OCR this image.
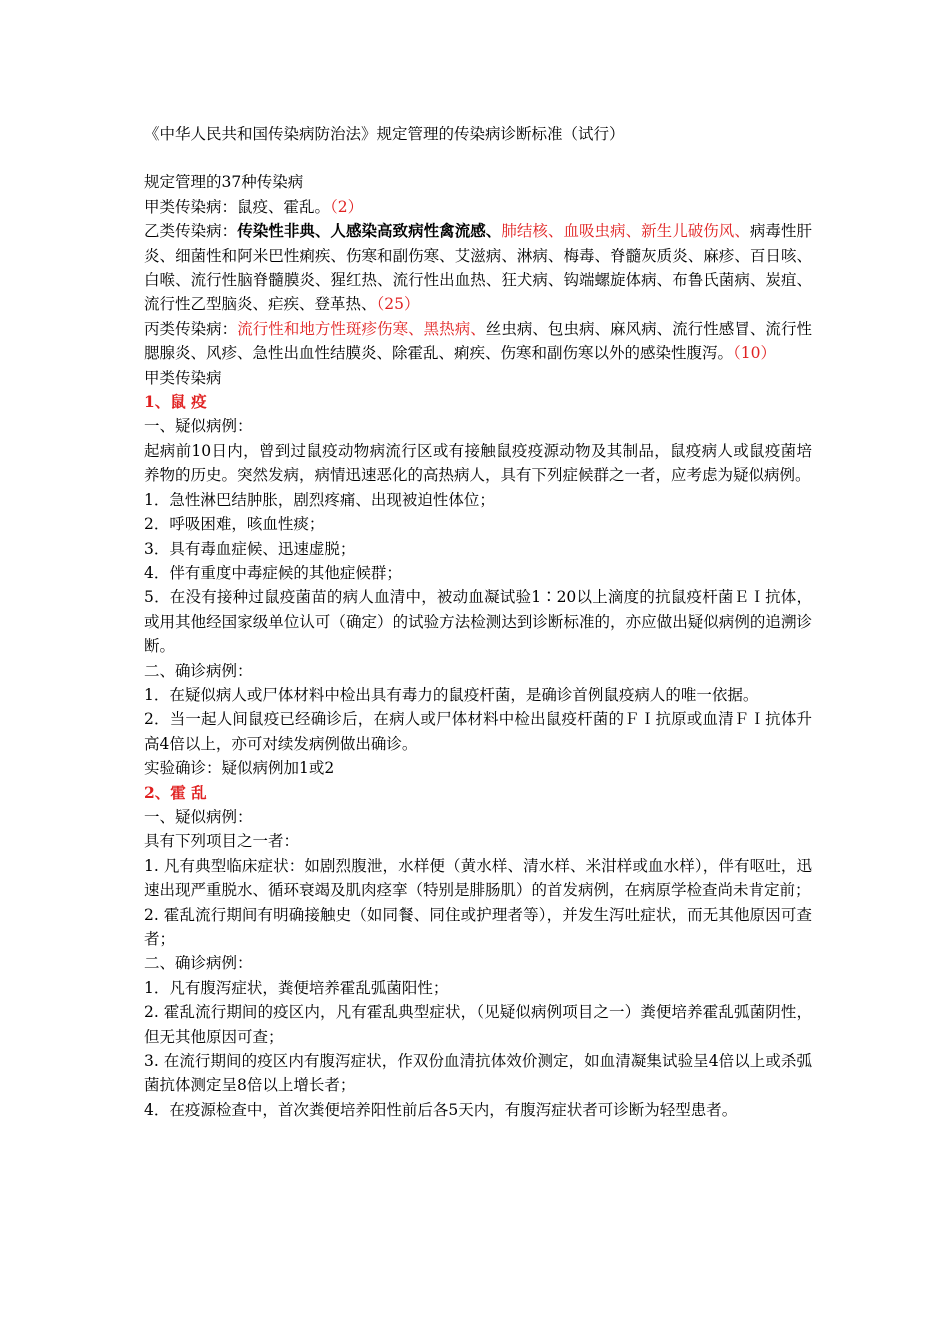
《中华人民共和国传染病防治法》规定管理的传染病诊断标准（试行）

规定管理的37种传染病

甲类传染病：鼠疫、霍乱。（2）

乙类传染病：传染性非典、人感染高致病性禽流感、肺结核、血吸虫病、新生儿破伤风、病毒性肝炎、细菌性和阿米巴性痢疾、伤寒和副伤寒、艾滋病、淋病、梅毒、脊髓灰质炎、麻疹、百日咳、白喉、流行性脑脊髓膜炎、猩红热、流行性出血热、狂犬病、钩端螺旋体病、布鲁氏菌病、炭疽、流行性乙型脑炎、疟疾、登革热、（25）

丙类传染病：流行性和地方性斑疹伤寒、黑热病、丝虫病、包虫病、麻风病、流行性感冒、流行性腮腺炎、风疹、急性出血性结膜炎、除霍乱、痢疾、伤寒和副伤寒以外的感染性腹泻。（10）

甲类传染病

1、鼠 疫

一、疑似病例：

起病前10日内，曾到过鼠疫动物病流行区或有接触鼠疫疫源动物及其制品，鼠疫病人或鼠疫菌培养物的历史。突然发病，病情迅速恶化的高热病人，具有下列症候群之一者，应考虑为疑似病例。

1．急性淋巴结肿胀，剧烈疼痛、出现被迫性体位；

2．呼吸困难，咳血性痰；

3．具有毒血症候、迅速虚脱；

4．伴有重度中毒症候的其他症候群；

5．在没有接种过鼠疫菌苗的病人血清中，被动血凝试验1∶20以上滴度的抗鼠疫杆菌ＥＩ抗体，或用其他经国家级单位认可（确定）的试验方法检测达到诊断标准的，亦应做出疑似病例的追溯诊断。

二、确诊病例：

1．在疑似病人或尸体材料中检出具有毒力的鼠疫杆菌，是确诊首例鼠疫病人的唯一依据。

2．当一起人间鼠疫已经确诊后，在病人或尸体材料中检出鼠疫杆菌的ＦＩ抗原或血清ＦＩ抗体升高4倍以上，亦可对续发病例做出确诊。

实验确诊：疑似病例加1或2

2、霍 乱

一、疑似病例：

具有下列项目之一者：

1. 凡有典型临床症状：如剧烈腹泄，水样便（黄水样、清水样、米泔样或血水样），伴有呕吐，迅速出现严重脱水、循环衰竭及肌肉痉挛（特别是腓肠肌）的首发病例，在病原学检查尚未肯定前；

2. 霍乱流行期间有明确接触史（如同餐、同住或护理者等），并发生泻吐症状，而无其他原因可查者；

二、确诊病例：

1．凡有腹泻症状，粪便培养霍乱弧菌阳性；

2. 霍乱流行期间的疫区内，凡有霍乱典型症状，（见疑似病例项目之一）粪便培养霍乱弧菌阴性，但无其他原因可查；

3. 在流行期间的疫区内有腹泻症状，作双份血清抗体效价测定，如血清凝集试验呈4倍以上或杀弧菌抗体测定呈8倍以上增长者；

4．在疫源检查中，首次粪便培养阳性前后各5天内，有腹泻症状者可诊断为轻型患者。
